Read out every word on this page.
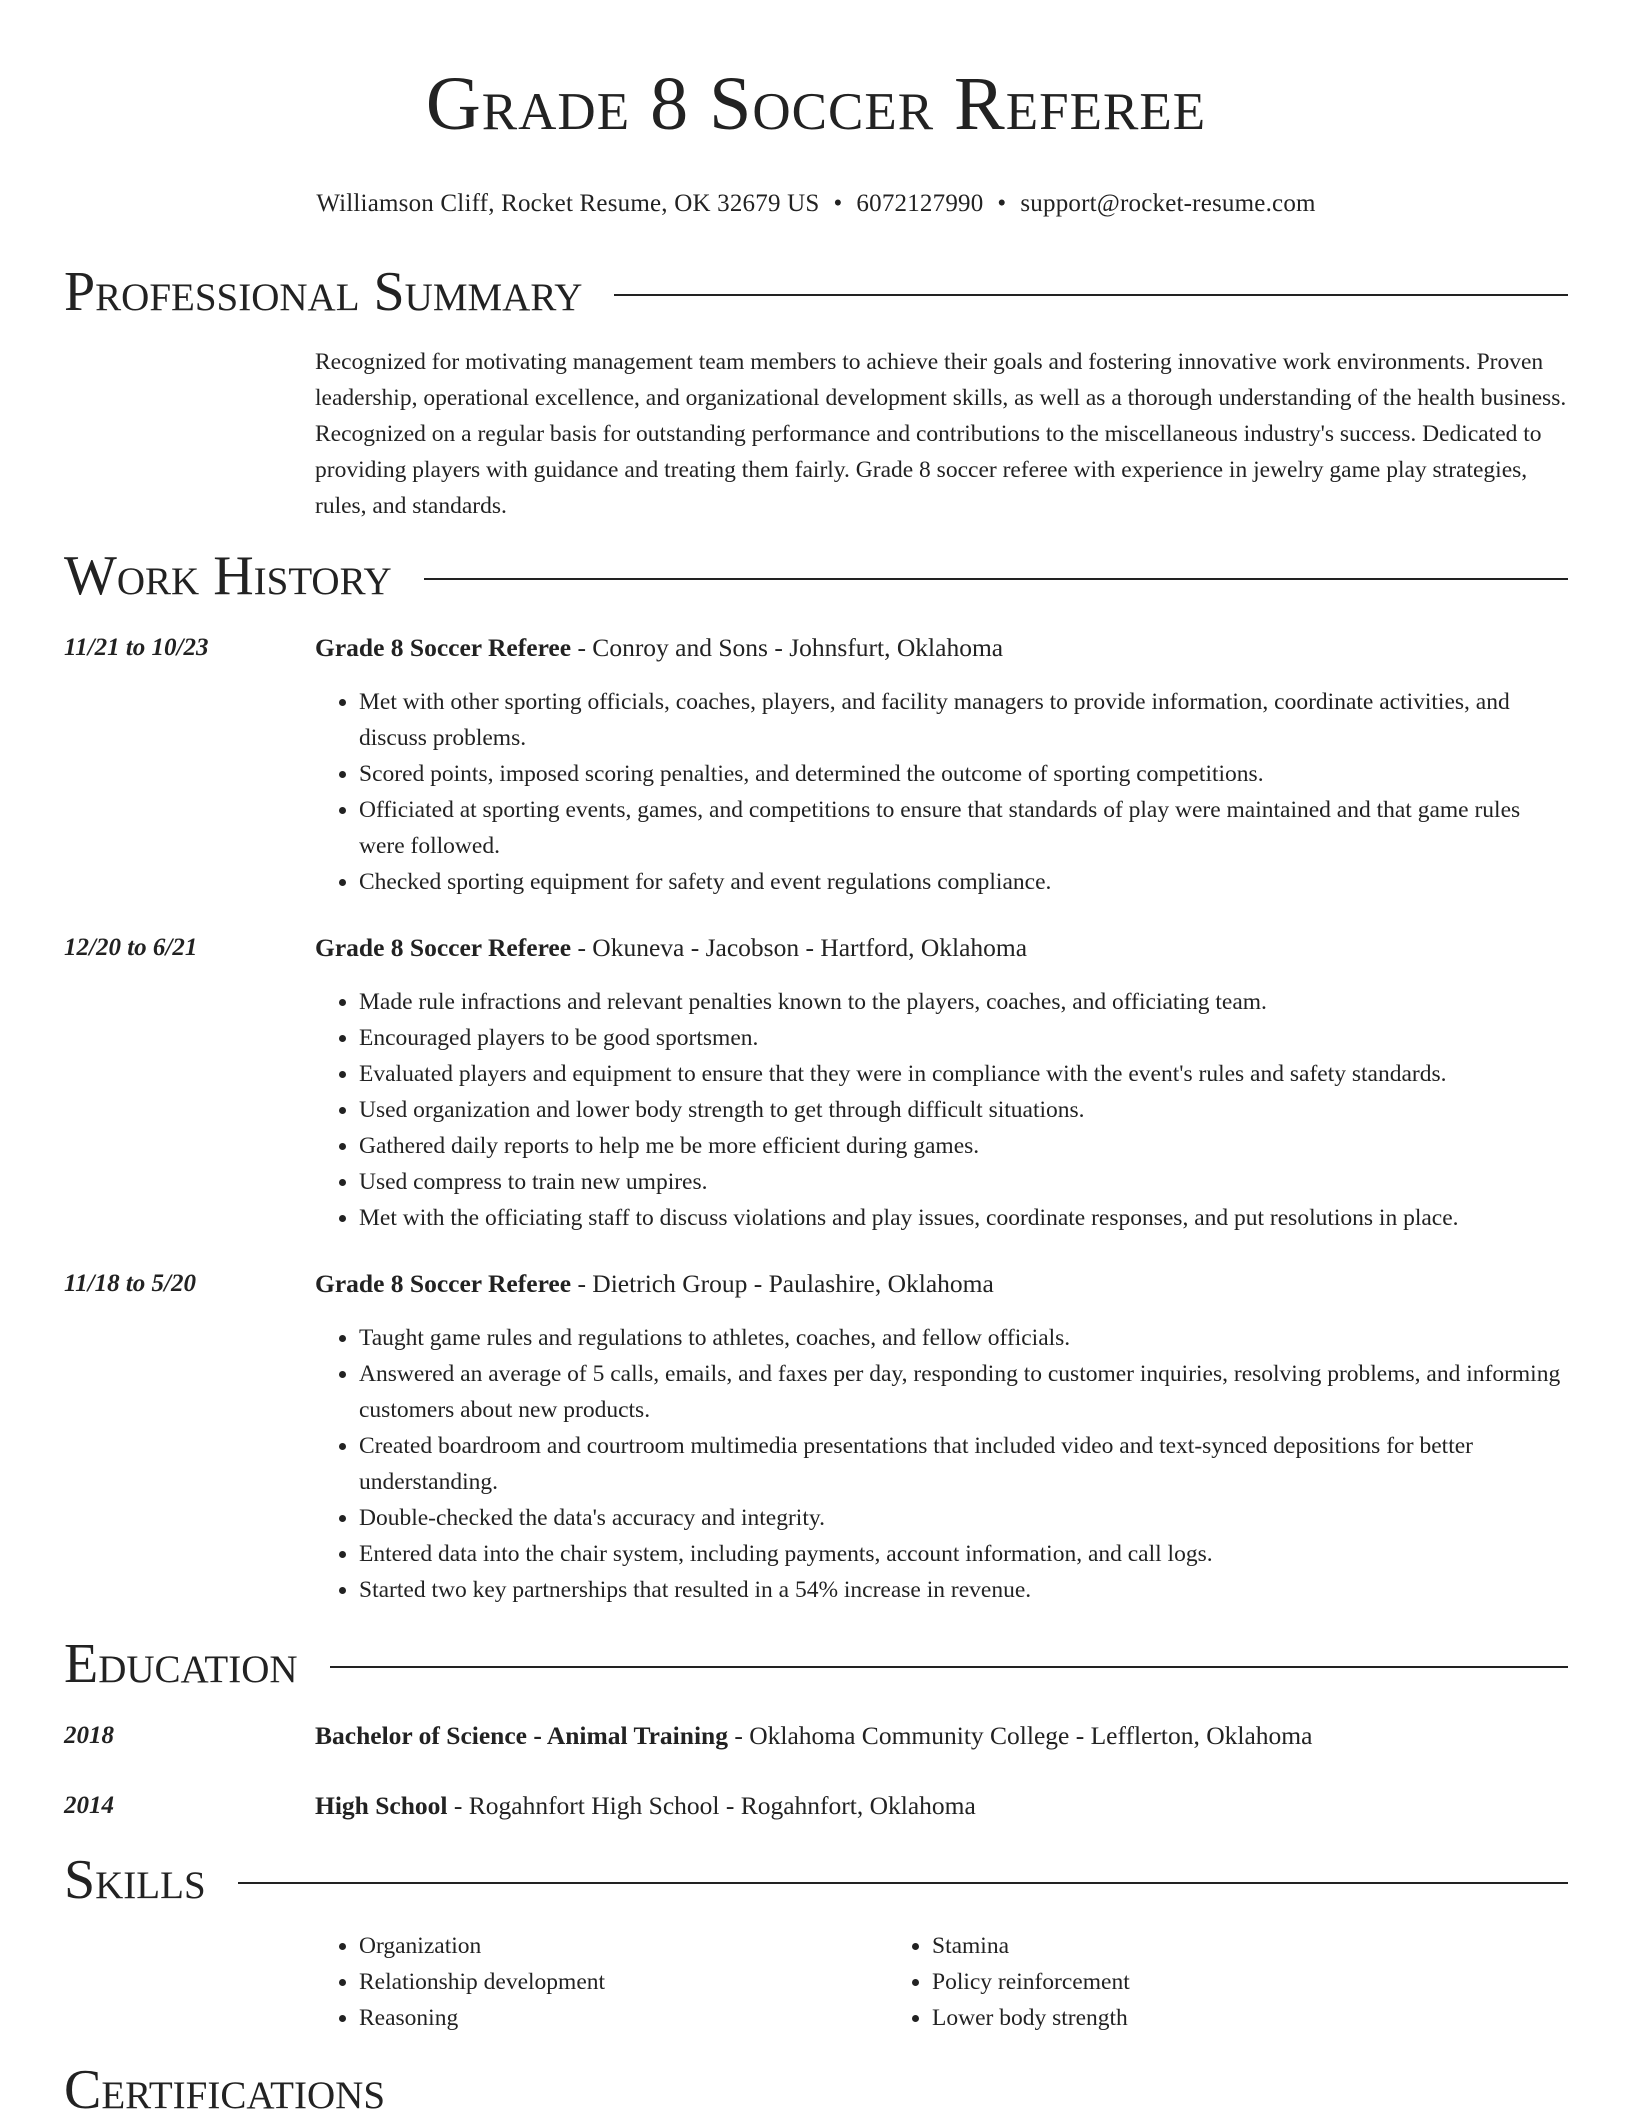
Grade 8 Soccer Referee
Williamson Cliff, Rocket Resume, OK 32679 US • 6072127990 • support@rocket-resume.com
Professional Summary
Recognized for motivating management team members to achieve their goals and fostering innovative work environments. Proven leadership, operational excellence, and organizational development skills, as well as a thorough understanding of the health business. Recognized on a regular basis for outstanding performance and contributions to the miscellaneous industry's success. Dedicated to providing players with guidance and treating them fairly. Grade 8 soccer referee with experience in jewelry game play strategies, rules, and standards.
Work History
11/21 to 10/23	Grade 8 Soccer Referee - Conroy and Sons - Johnsfurt, Oklahoma
• Met with other sporting officials, coaches, players, and facility managers to provide information, coordinate activities, and discuss problems.
• Scored points, imposed scoring penalties, and determined the outcome of sporting competitions.
• Officiated at sporting events, games, and competitions to ensure that standards of play were maintained and that game rules were followed.
• Checked sporting equipment for safety and event regulations compliance.
12/20 to 6/21	Grade 8 Soccer Referee - Okuneva - Jacobson - Hartford, Oklahoma
• Made rule infractions and relevant penalties known to the players, coaches, and officiating team.
• Encouraged players to be good sportsmen.
• Evaluated players and equipment to ensure that they were in compliance with the event's rules and safety standards.
• Used organization and lower body strength to get through difficult situations.
• Gathered daily reports to help me be more efficient during games.
• Used compress to train new umpires.
• Met with the officiating staff to discuss violations and play issues, coordinate responses, and put resolutions in place.
11/18 to 5/20	Grade 8 Soccer Referee - Dietrich Group - Paulashire, Oklahoma
• Taught game rules and regulations to athletes, coaches, and fellow officials.
• Answered an average of 5 calls, emails, and faxes per day, responding to customer inquiries, resolving problems, and informing customers about new products.
• Created boardroom and courtroom multimedia presentations that included video and text-synced depositions for better understanding.
• Double-checked the data's accuracy and integrity.
• Entered data into the chair system, including payments, account information, and call logs.
• Started two key partnerships that resulted in a 54% increase in revenue.
Education
2018	Bachelor of Science - Animal Training - Oklahoma Community College - Lefflerton, Oklahoma
2014	High School - Rogahnfort High School - Rogahnfort, Oklahoma
Skills
• Organization
• Relationship development
• Reasoning
• Stamina
• Policy reinforcement
• Lower body strength
Certifications
